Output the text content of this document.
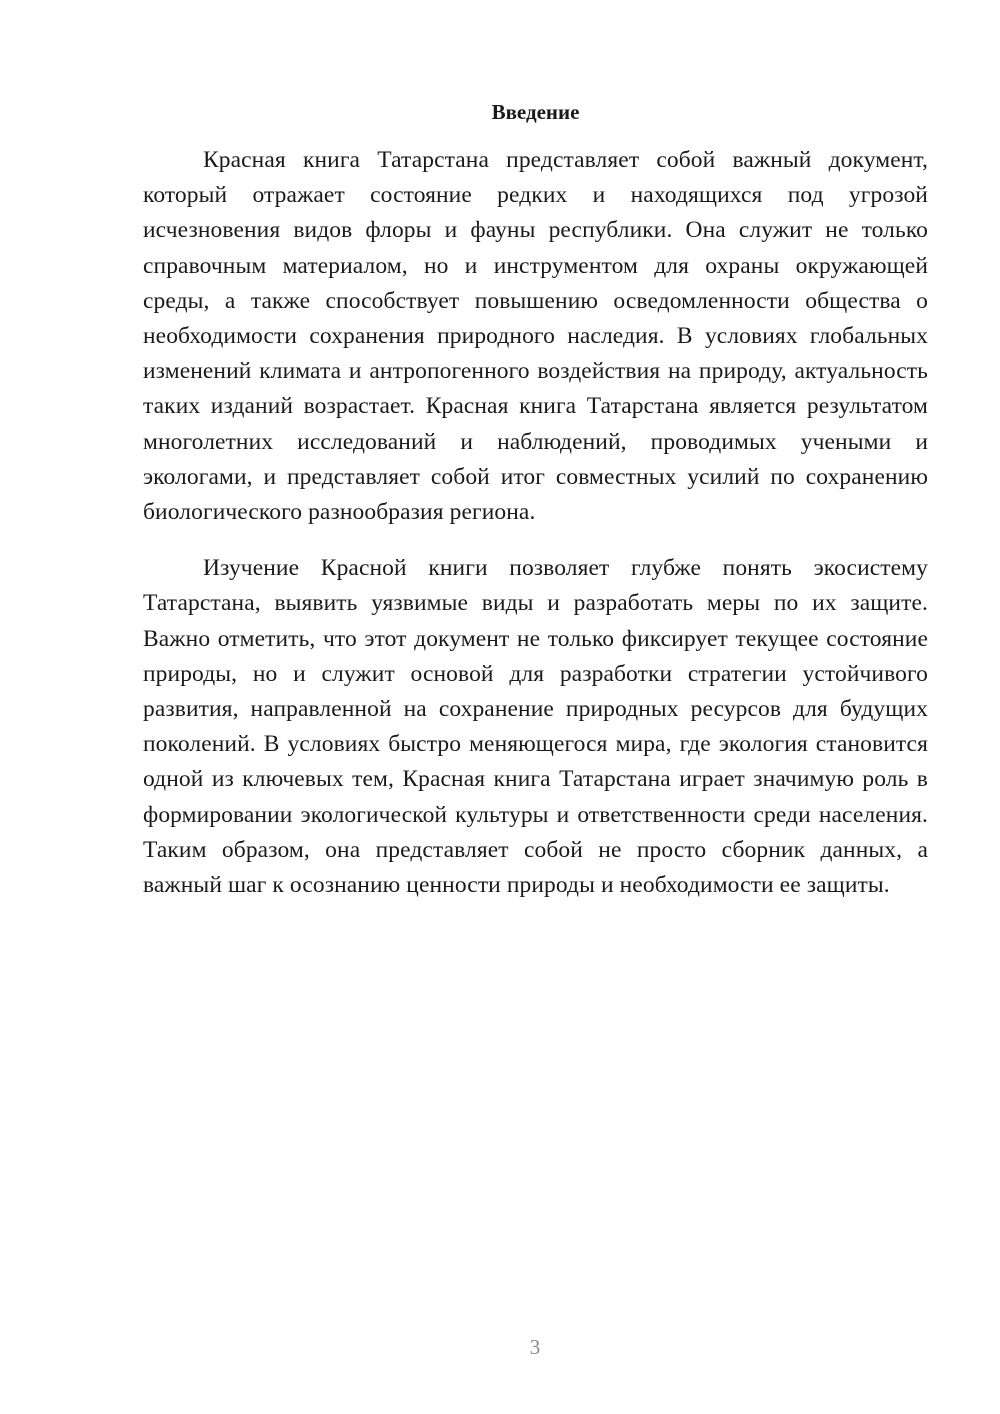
Введение

Красная книга Татарстана представляет собой важный документ, который отражает состояние редких и находящихся под угрозой исчезновения видов флоры и фауны республики. Она служит не только справочным материалом, но и инструментом для охраны окружающей среды, а также способствует повышению осведомленности общества о необходимости сохранения природного наследия. В условиях глобальных изменений климата и антропогенного воздействия на природу, актуальность таких изданий возрастает. Красная книга Татарстана является результатом многолетних исследований и наблюдений, проводимых учеными и экологами, и представляет собой итог совместных усилий по сохранению биологического разнообразия региона.

Изучение Красной книги позволяет глубже понять экосистему Татарстана, выявить уязвимые виды и разработать меры по их защите. Важно отметить, что этот документ не только фиксирует текущее состояние природы, но и служит основой для разработки стратегии устойчивого развития, направленной на сохранение природных ресурсов для будущих поколений. В условиях быстро меняющегося мира, где экология становится одной из ключевых тем, Красная книга Татарстана играет значимую роль в формировании экологической культуры и ответственности среди населения. Таким образом, она представляет собой не просто сборник данных, а важный шаг к осознанию ценности природы и необходимости ее защиты.

3
